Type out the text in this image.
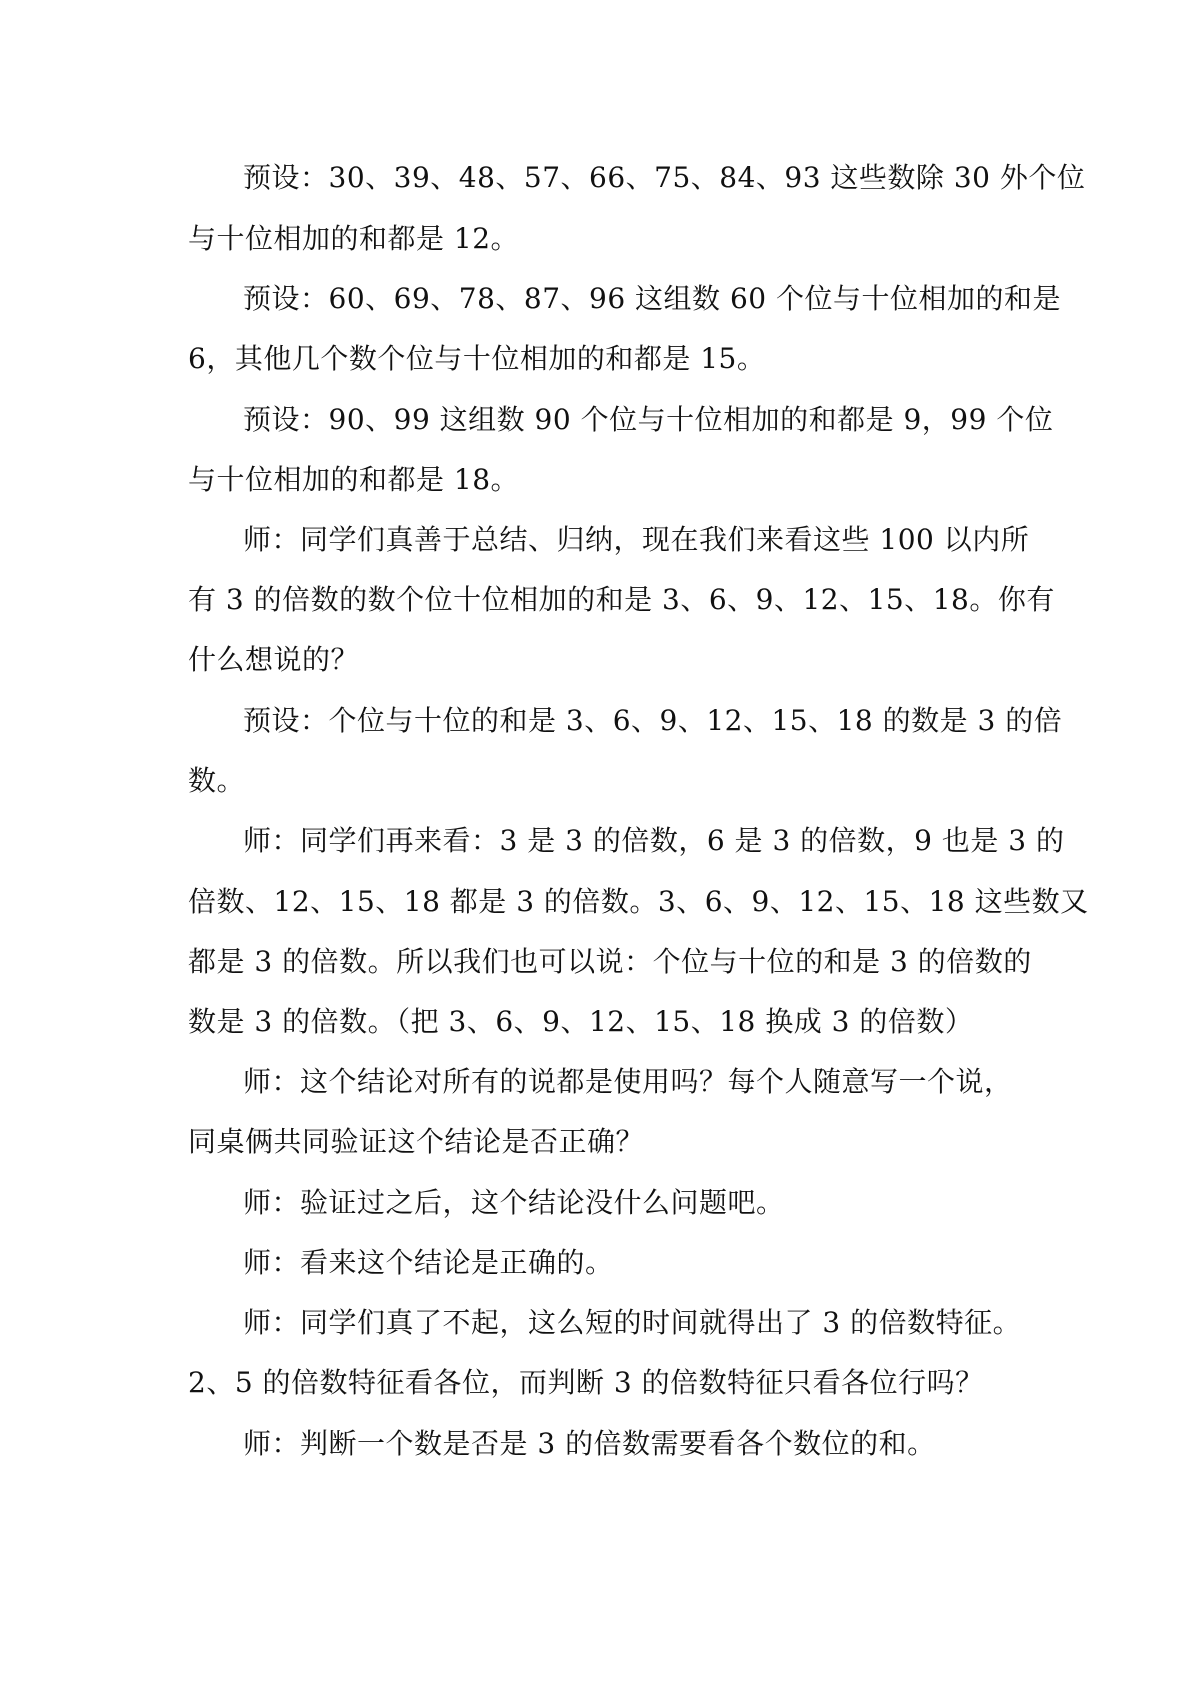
预设：30、39、48、57、66、75、84、93 这些数除 30 外个位
与十位相加的和都是 12。
预设：60、69、78、87、96 这组数 60 个位与十位相加的和是
6，其他几个数个位与十位相加的和都是 15。
预设：90、99 这组数 90 个位与十位相加的和都是 9，99 个位
与十位相加的和都是 18。
师：同学们真善于总结、归纳，现在我们来看这些 100 以内所
有 3 的倍数的数个位十位相加的和是 3、6、9、12、15、18。你有
什么想说的？
预设：个位与十位的和是 3、6、9、12、15、18 的数是 3 的倍
数。
师：同学们再来看：3 是 3 的倍数，6 是 3 的倍数，9 也是 3 的
倍数、12、15、18 都是 3 的倍数。3、6、9、12、15、18 这些数又
都是 3 的倍数。所以我们也可以说：个位与十位的和是 3 的倍数的
数是 3 的倍数。（把 3、6、9、12、15、18 换成 3 的倍数）
师：这个结论对所有的说都是使用吗？每个人随意写一个说，
同桌俩共同验证这个结论是否正确？
师：验证过之后，这个结论没什么问题吧。
师：看来这个结论是正确的。
师：同学们真了不起，这么短的时间就得出了 3 的倍数特征。
2、5 的倍数特征看各位，而判断 3 的倍数特征只看各位行吗？
师：判断一个数是否是 3 的倍数需要看各个数位的和。
